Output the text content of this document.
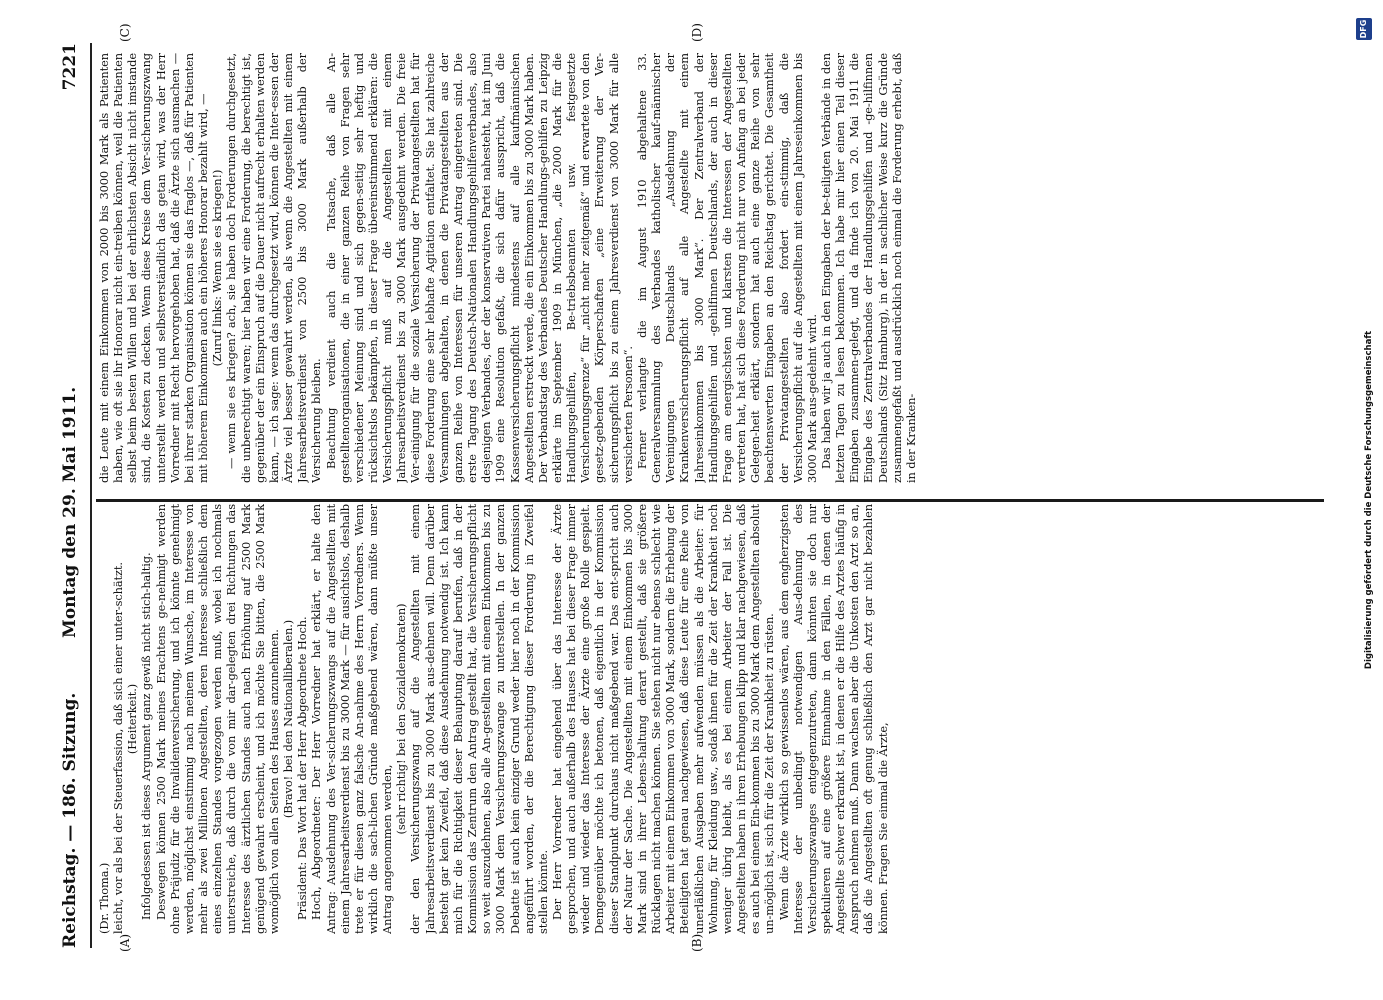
Reichstag. — 186. Sitzung.
Montag den 29. Mai 1911.
7221
(A)	(B)
(C)	(D)

(Dr. Thoma.) leicht, vor als bei der Steuerfassion, daß sich einer unter-schätzt. (Heiterkeit.) Infolgedessen ist dieses Argument ganz gewiß nicht stich-haltig. Deswegen können 2500 Mark meines Erachtens ge-nehmigt werden ohne Präjudiz für die Invalidenversicherung, und ich könnte genehmigt werden, möglichst einstimmig nach meinem Wunsche, im Interesse von mehr als zwei Millionen Angestellten, deren Interesse schließlich dem eines einzelnen Standes vorgezogen werden muß, wobei ich nochmals unterstreiche, daß durch die von mir dar-gelegten drei Richtungen das Interesse des ärztlichen Standes auch nach Erhöhung auf 2500 Mark genügend gewahrt erscheint, und ich möchte Sie bitten, die 2500 Mark womöglich von allen Seiten des Hauses anzunehmen. (Bravo! bei den Nationalliberalen.) Präsident: Das Wort hat der Herr Abgeordnete Hoch. Hoch, Abgeordneter: Der Herr Vorredner hat erklärt, er halte den Antrag: Ausdehnung des Ver-sicherungszwangs auf die Angestellten mit einem Jahresarbeitsverdienst bis zu 3000 Mark — für ausichtslos, deshalb trete er für diesen ganz falsche An-nahme des Herrn Vorredners. Wenn wirklich die sach-lichen Gründe maßgebend wären, dann müßte unser Antrag angenommen werden,

(sehr richtig! bei den Sozialdemokraten) der den Versicherungszwang auf die Angestellten mit einem Jahresarbeitsverdienst bis zu 3000 Mark aus-dehnen will. Denn darüber besteht gar kein Zweifel, daß diese Ausdehnung notwendig ist. Ich kann mich für die Richtigkeit dieser Behauptung darauf berufen, daß in der Kommission das Zentrum den Antrag gestellt hat, die Versicherungspflicht so weit auszudehnen, also alle An-gestellten mit einem Einkommen bis zu 3000 Mark dem Versicherungszwange zu unterstellen. In der ganzen Debatte ist auch kein einziger Grund weder hier noch in der Kommission angeführt worden, der die Berechtigung dieser Forderung in Zweifel stellen könnte. Der Herr Vorredner hat eingehend über das Interesse der Ärzte gesprochen, und auch außerhalb des Hauses hat bei dieser Frage immer wieder und wieder das Interesse der Ärzte eine große Rolle gespielt. Demgegenüber möchte ich betonen, daß eigentlich in der Kommission dieser Standpunkt durchaus nicht maßgebend war. Das ent-spricht auch der Natur der Sache. Die Angestellten mit einem Einkommen bis 3000 Mark sind in ihrer Lebens-haltung derart gestellt, daß sie größere Rücklagen nicht machen können. Sie stehen nicht nur ebenso schlecht wie Arbeiter mit einem Einkommen von 3000 Mark, sondern die Erhebung der Beteiligten hat genau nachgewiesen, daß diese Leute für eine Reihe von unerläßlichen Ausgaben mehr aufwenden müssen als die Arbeiter: für Wohnung, für Kleidung usw., sodaß ihnen für die Zeit der Krankheit noch weniger übrig bleibt, als es bei einem Arbeiter der Fall ist. Die Angestellten haben in ihren Erhebungen klipp und klar nachgewiesen, daß es auch bei einem Ein-kommen bis zu 3000 Mark dem Angestellten absolut un-möglich ist, sich für die Zeit der Krankheit zu rüsten. Wenn die Ärzte wirklich so gewissenlos wären, aus dem engherzigsten Interesse der unbedingt notwendigen Aus-dehnung des Versicherungszwanges entgegenzutreten, dann könnten sie doch nur spekulieren auf eine größere Einnahme in den Fällen, in denen der Angestellte schwer erkrankt ist, in denen er die Hilfe des Arztes häufig in Anspruch nehmen muß. Dann wachsen aber die Unkosten den Arzt so an, daß die Angestellten oft genug schließlich den Arzt gar nicht bezahlen können. Fragen Sie einmal die Ärzte,

die Leute mit einem Einkommen von 2000 bis 3000 Mark als Patienten haben, wie oft sie ihr Honorar nicht ein-treiben können, weil die Patienten selbst beim besten Willen und bei der ehrlichsten Absicht nicht imstande sind, die Kosten zu decken. Wenn diese Kreise dem Ver-sicherungszwang unterstellt werden und selbstverständlich das getan wird, was der Herr Vorredner mit Recht hervorgehoben hat, daß die Ärzte sich ausmachen — bei ihrer starken Organisation können sie das fraglos —, daß für Patienten mit höherem Einkommen auch ein höheres Honorar bezahlt wird, — (Zuruf links: Wenn sie es kriegen!) — wenn sie es kriegen? ach, sie haben doch Forderungen durchgesetzt, die unberechtigt waren; hier haben wir eine Forderung, die berechtigt ist, gegenüber der ein Einspruch auf die Dauer nicht aufrecht erhalten werden kann, — ich sage: wenn das durchgesetzt wird, können die Inter-essen der Ärzte viel besser gewahrt werden, als wenn die Angestellten mit einem Jahresarbeitsverdienst von 2500 bis 3000 Mark außerhalb der Versicherung bleiben. Beachtung verdient auch die Tatsache, daß alle An-gestelltenorganisationen, die in einer ganzen Reihe von Fragen sehr verschiedener Meinung sind und sich gegen-seitig sehr heftig und rücksichtslos bekämpfen, in dieser Frage übereinstimmend erklären: die Versicherungspflicht muß auf die Angestellten mit einem Jahresarbeitsverdienst bis zu 3000 Mark ausgedehnt werden. Die freie Ver-einigung für die soziale Versicherung der Privatangestellten hat für diese Forderung eine sehr lebhafte Agitation entfaltet. Sie hat zahlreiche Versammlungen abgehalten, in denen die Privatangestellten aus der ganzen Reihe von Interessen für unseren Antrag eingetreten sind. Die erste Tagung des Deutsch-Nationalen Handlungsgehilfenverbandes, also desjenigen Verbandes, der der konservativen Partei nahesteht, hat im Juni 1909 eine Resolution gefaßt, die sich dafür ausspricht, daß die Kassenversicherungspflicht mindestens auf alle kaufmännischen Angestellten erstreckt werde, die ein Einkommen bis zu 3000 Mark haben. Der Verbandstag des Verbandes Deutscher Handlungs-gehilfen zu Leipzig erklärte im September 1909 in München, „die 2000 Mark für die Handlungsgehilfen, Be-triebsbeamten usw. festgesetzte Versicherungsgrenze“ für „nicht mehr zeitgemäß“ und erwartete von den gesetz-gebenden Körperschaften „eine Erweiterung der Ver-sicherungspflicht bis zu einem Jahresverdienst von 3000 Mark für alle versicherten Personen“. Ferner verlangte die im August 1910 abgehaltene 33. Generalversammlung des Verbandes katholischer kauf-männischer Vereinigungen Deutschlands „Ausdehnung der Krankenversicherungspflicht auf alle Angestellte mit einem Jahreseinkommen bis 3000 Mark“. Der Zentralverband der Handlungsgehilfen und -gehilfinnen Deutschlands, der auch in dieser Frage am energischsten und klarsten die Interessen der Angestellten vertreten hat, hat sich diese Forderung nicht nur von Anfang an bei jeder Gelegen-heit erklärt, sondern hat auch eine ganze Reihe von sehr beachtenswerten Eingaben an den Reichstag gerichtet. Die Gesamtheit der Privatangestellten also fordert ein-stimmig, daß die Versicherungspflicht auf die Angestellten mit einem Jahreseinkommen bis 3000 Mark aus-gedehnt wird. Das haben wir ja auch in den Eingaben der be-teiligten Verbände in den letzten Tagen zu lesen bekommen. Ich habe mir hier einen Teil dieser Eingaben zusammen-gelegt, und da finde ich von 20. Mai 1911 die Eingabe des Zentralverbandes der Handlungsgehilfen und -ge-hilfinnen Deutschlands (Sitz Hamburg), in der in sachlicher Weise kurz die Gründe zusammengefaßt und ausdrücklich noch einmal die Forderung erhebt, daß in der Kranken-	Digitalisierung gefördert durch die Deutsche Forschungsgemeinschaft
DFG
